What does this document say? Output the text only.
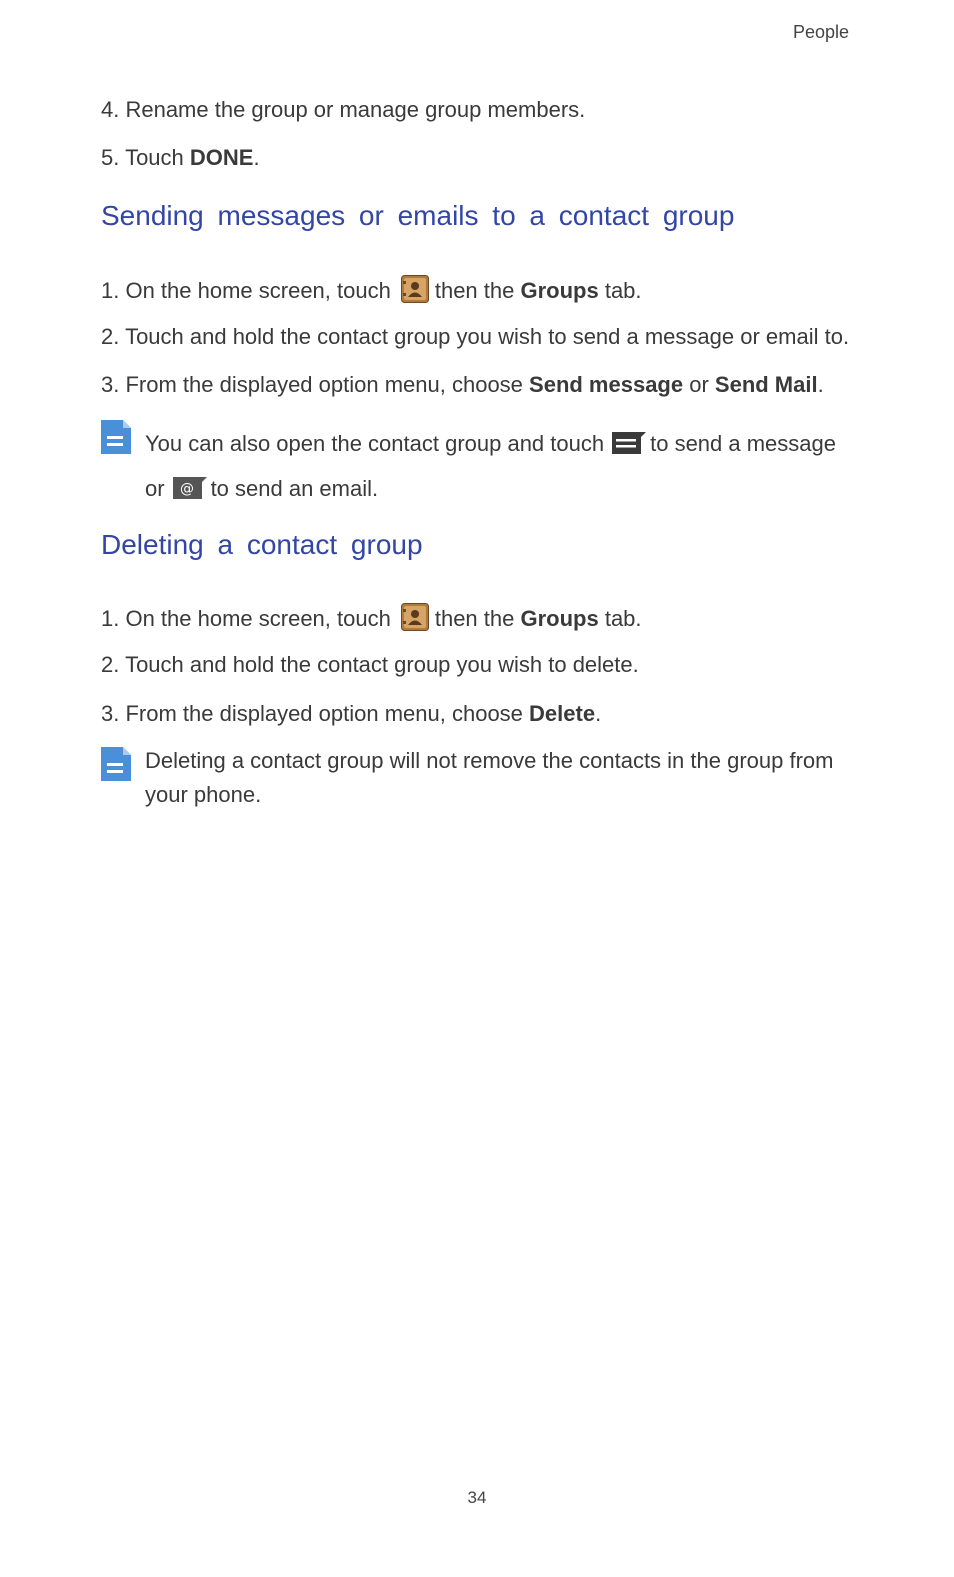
People
4. Rename the group or manage group members.
5. Touch DONE.
Sending messages or emails to a contact group
1. On the home screen, touch then the Groups tab.
2. Touch and hold the contact group you wish to send a message or email to.
3. From the displayed option menu, choose Send message or Send Mail.
You can also open the contact group and touch to send a message
or @ to send an email.
Deleting a contact group
1. On the home screen, touch then the Groups tab.
2. Touch and hold the contact group you wish to delete.
3. From the displayed option menu, choose Delete.
Deleting a contact group will not remove the contacts in the group from your phone.
34
